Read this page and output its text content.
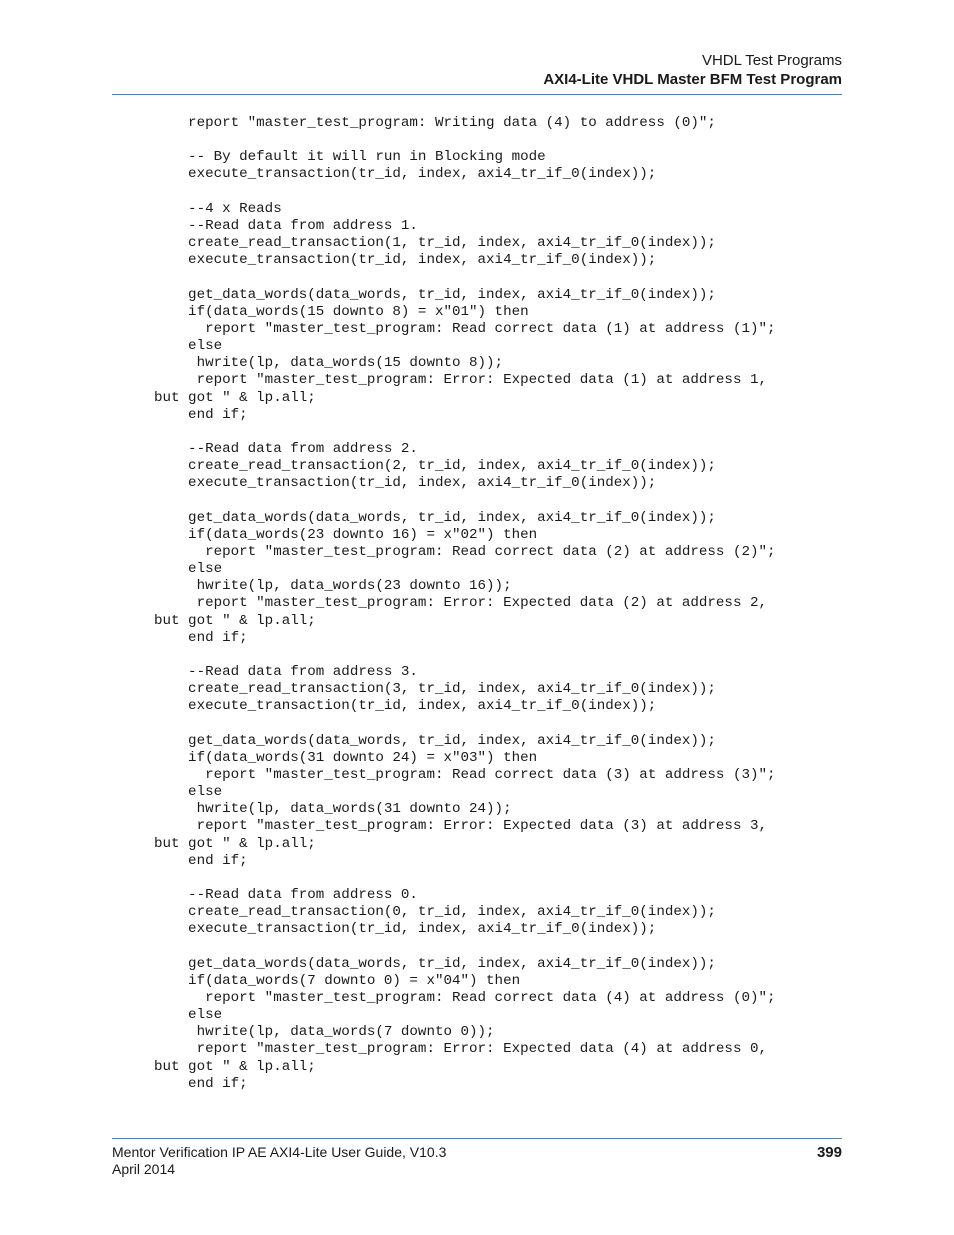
VHDL Test Programs
AXI4-Lite VHDL Master BFM Test Program
report "master_test_program: Writing data (4) to address (0)";

-- By default it will run in Blocking mode
execute_transaction(tr_id, index, axi4_tr_if_0(index));

--4 x Reads
--Read data from address 1.
create_read_transaction(1, tr_id, index, axi4_tr_if_0(index));
execute_transaction(tr_id, index, axi4_tr_if_0(index));

get_data_words(data_words, tr_id, index, axi4_tr_if_0(index));
if(data_words(15 downto 8) = x"01") then
report "master_test_program: Read correct data (1) at address (1)";
else
hwrite(lp, data_words(15 downto 8));
report "master_test_program: Error: Expected data (1) at address 1,
but got " & lp.all;
end if;

--Read data from address 2.
create_read_transaction(2, tr_id, index, axi4_tr_if_0(index));
execute_transaction(tr_id, index, axi4_tr_if_0(index));

get_data_words(data_words, tr_id, index, axi4_tr_if_0(index));
if(data_words(23 downto 16) = x"02") then
report "master_test_program: Read correct data (2) at address (2)";
else
hwrite(lp, data_words(23 downto 16));
report "master_test_program: Error: Expected data (2) at address 2,
but got " & lp.all;
end if;

--Read data from address 3.
create_read_transaction(3, tr_id, index, axi4_tr_if_0(index));
execute_transaction(tr_id, index, axi4_tr_if_0(index));

get_data_words(data_words, tr_id, index, axi4_tr_if_0(index));
if(data_words(31 downto 24) = x"03") then
report "master_test_program: Read correct data (3) at address (3)";
else
hwrite(lp, data_words(31 downto 24));
report "master_test_program: Error: Expected data (3) at address 3,
but got " & lp.all;
end if;

--Read data from address 0.
create_read_transaction(0, tr_id, index, axi4_tr_if_0(index));
execute_transaction(tr_id, index, axi4_tr_if_0(index));

get_data_words(data_words, tr_id, index, axi4_tr_if_0(index));
if(data_words(7 downto 0) = x"04") then
report "master_test_program: Read correct data (4) at address (0)";
else
hwrite(lp, data_words(7 downto 0));
report "master_test_program: Error: Expected data (4) at address 0,
but got " & lp.all;
end if;
Mentor Verification IP AE AXI4-Lite User Guide, V10.3
April 2014
399
